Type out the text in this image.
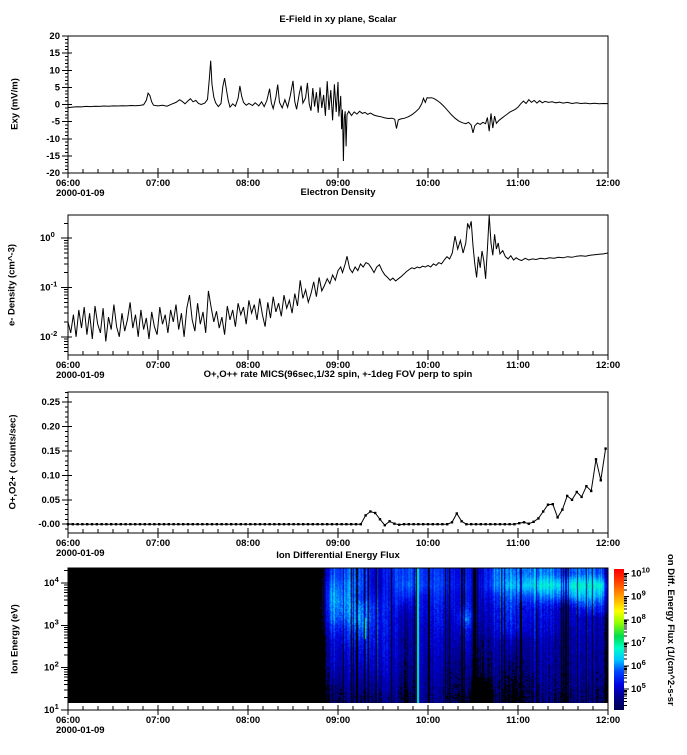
06:00	07:00	08:00	09:00	10:00	11:00	12:00
20
15
10
5
0
-5
-10
-15
-20
06:00	07:00	08:00	09:00	10:00	11:00	12:00
$10^0$
$10^{-1}$
$10^{-2}$
06:00	07:00	08:00	09:00	10:00	11:00	12:00
-0.00
0.05
0.10
0.15
0.20
0.25
06:00	07:00	08:00	09:00	10:00	11:00	12:00
$10^4$
$10^3$
$10^2$
$10^1$
$10^{10}$
$10^9$
$10^8$
$10^7$
$10^6$
$10^5$
E-Field in xy plane, Scalar
Electron Density
O+,O++ rate MICS(96sec,1/32 spin, +-1deg FOV perp to spin
Ion Differential Energy Flux
Exy (mV/m)
e- Density (cm^-3)
O+,O2+ ( counts/sec)
Ion Energy (eV)
2000-01-09
2000-01-09
2000-01-09
2000-01-09
on Diff. Energy Flux (1/(cm^2-s-sr
